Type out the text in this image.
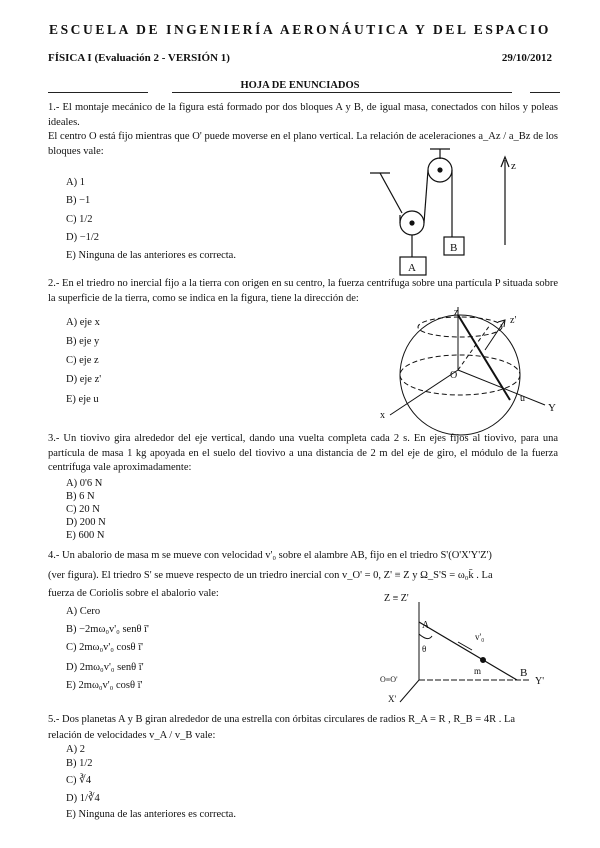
ESCUELA DE INGENIERÍA AERONÁUTICA Y DEL ESPACIO
FÍSICA I (Evaluación 2 - VERSIÓN 1)	29/10/2012
HOJA DE ENUNCIADOS
1.- El montaje mecánico de la figura está formado por dos bloques A y B, de igual masa, conectados con hilos y poleas ideales.
El centro O está fijo mientras que O' puede moverse en el plano vertical. La relación de aceleraciones a_Az / a_Bz de los bloques vale:
A) 1
B) −1
C) 1/2
D) −1/2
E) Ninguna de las anteriores es correcta.
A
B
z
2.- En el triedro no inercial fijo a la tierra con origen en su centro, la fuerza centrífuga sobre una partícula P situada sobre la superficie de la tierra, como se indica en la figura, tiene la dirección de:
A) eje x
B) eje y
C) eje z
D) eje z'
E) eje u
z
z'
O
u
x
Y
3.- Un tiovivo gira alrededor del eje vertical, dando una vuelta completa cada 2 s. En ejes fijos al tiovivo, para una partícula de masa 1 kg apoyada en el suelo del tiovivo a una distancia de 2 m del eje de giro, el módulo de la fuerza centrífuga vale aproximadamente:
A) 0'6 N
B) 6 N
C) 20 N
D) 200 N
E) 600 N
4.- Un abalorio de masa m se mueve con velocidad v'₀ sobre el alambre AB, fijo en el triedro S'(O'X'Y'Z')
(ver figura). El triedro S' se mueve respecto de un triedro inercial con v_O' = 0, Z' ≡ Z y Ω_S'S = ω₀k̄ . La
fuerza de Coriolis sobre el abalorio vale:
A) Cero
B) −2mω₀v'₀ senθ ī'
C) 2mω₀v'₀ cosθ ī'
D) 2mω₀v'₀ senθ ī'
E) 2mω₀v'₀ cosθ ī'
Z ≡ Z'
A
B
θ
v'₀
m
O≡O'	Y'
X'
5.- Dos planetas A y B giran alrededor de una estrella con órbitas circulares de radios R_A = R , R_B = 4R . La
relación de velocidades v_A / v_B vale:
A) 2
B) 1/2
C) ∛4
D) 1/∛4
E) Ninguna de las anteriores es correcta.
